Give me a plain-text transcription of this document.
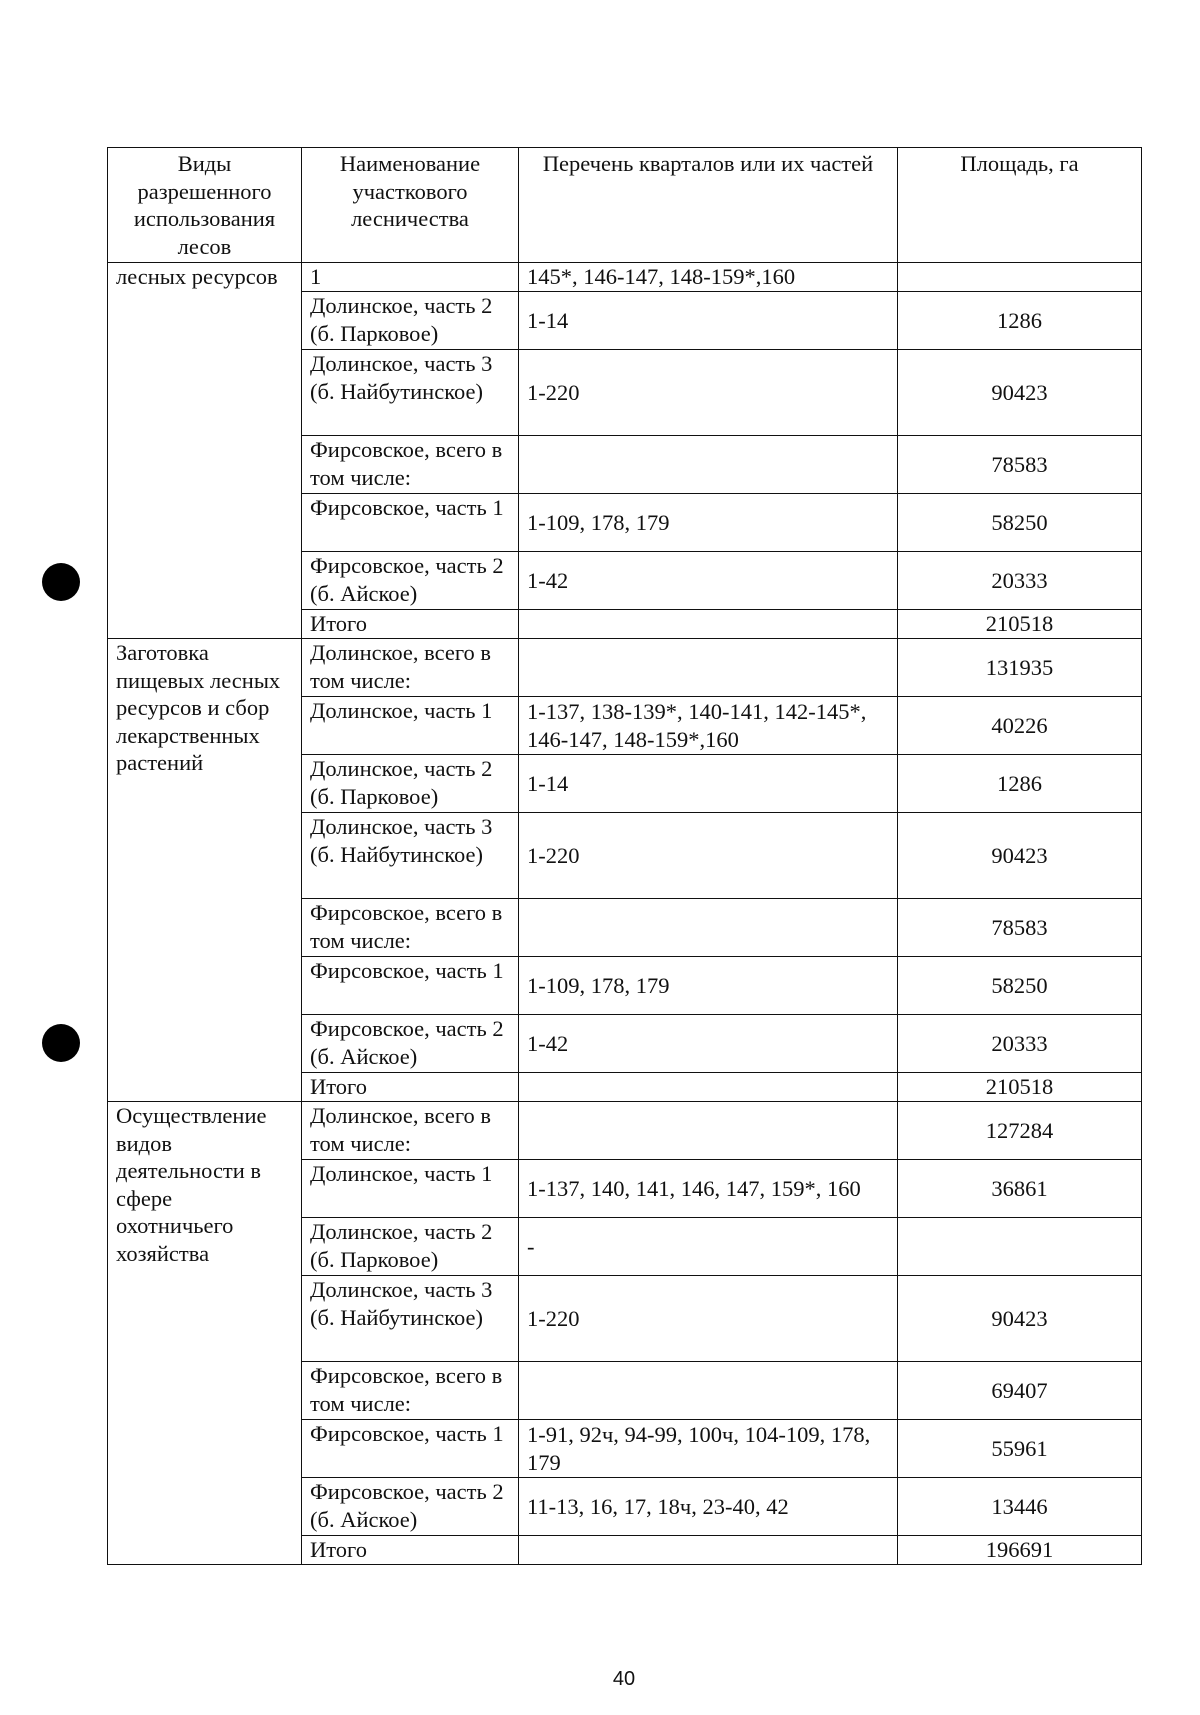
Виды разрешенного использования лесов	Наименование участкового лесничества	Перечень кварталов или их частей	Площадь, га
лесных ресурсов	1	145*, 146-147, 148-159*,160	
	Долинское, часть 2 (б. Парковое)	1-14	1286
	Долинское, часть 3 (б. Найбутинское)	1-220	90423
	Фирсовское, всего в том числе:		78583
	Фирсовское, часть 1	1-109, 178, 179	58250
	Фирсовское, часть 2 (б. Айское)	1-42	20333
	Итого		210518
Заготовка пищевых лесных ресурсов и сбор лекарственных растений	Долинское, всего в том числе:		131935
	Долинское, часть 1	1-137, 138-139*, 140-141, 142-145*, 146-147, 148-159*,160	40226
	Долинское, часть 2 (б. Парковое)	1-14	1286
	Долинское, часть 3 (б. Найбутинское)	1-220	90423
	Фирсовское, всего в том числе:		78583
	Фирсовское, часть 1	1-109, 178, 179	58250
	Фирсовское, часть 2 (б. Айское)	1-42	20333
	Итого		210518
Осуществление видов деятельности в сфере охотничьего хозяйства	Долинское, всего в том числе:		127284
	Долинское, часть 1	1-137, 140, 141, 146, 147, 159*, 160	36861
	Долинское, часть 2 (б. Парковое)	-	
	Долинское, часть 3 (б. Найбутинское)	1-220	90423
	Фирсовское, всего в том числе:		69407
	Фирсовское, часть 1	1-91, 92ч, 94-99, 100ч, 104-109, 178, 179	55961
	Фирсовское, часть 2 (б. Айское)	11-13, 16, 17, 18ч, 23-40, 42	13446
	Итого		196691
40
